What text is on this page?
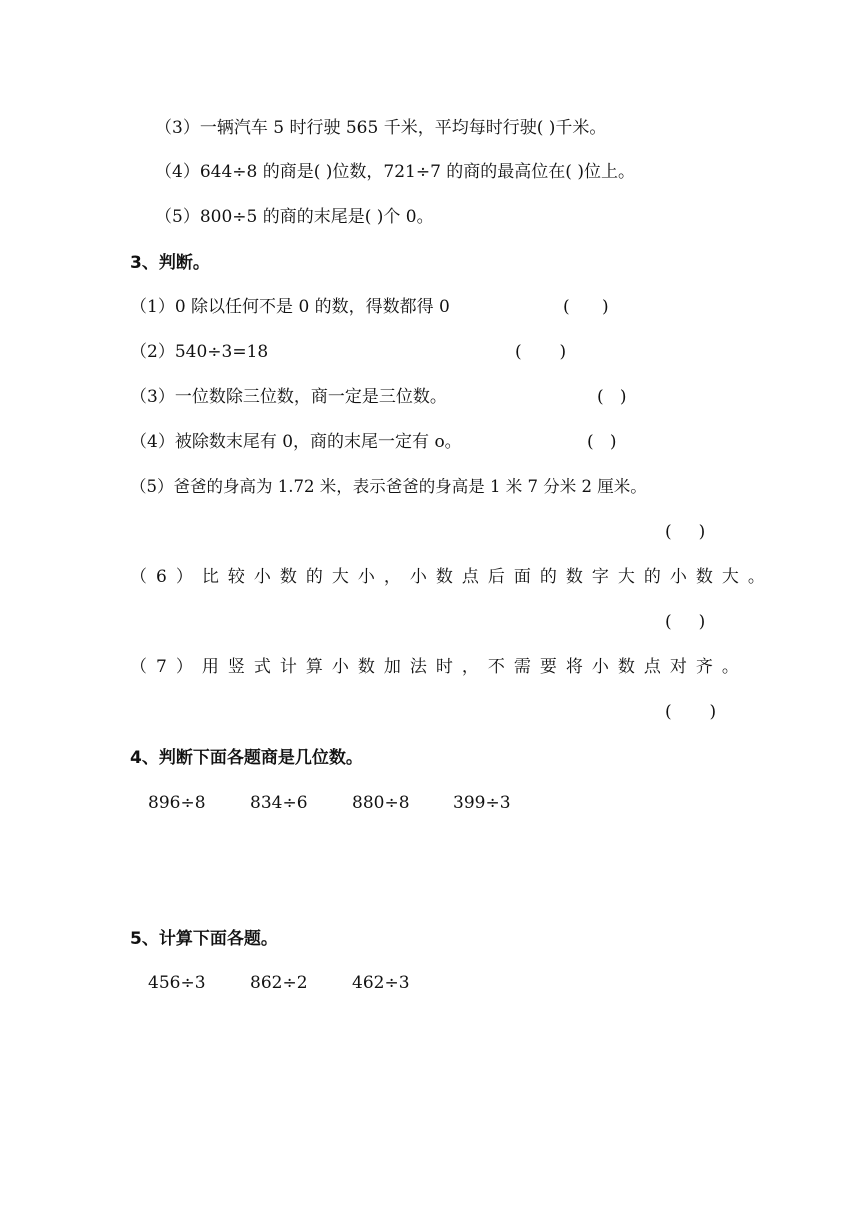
（3）一辆汽车 5 时行驶 565 千米，平均每时行驶( )千米。
（4）644÷8 的商是( )位数，721÷7 的商的最高位在( )位上。
（5）800÷5 的商的末尾是( )个 0。
3、判断。
（1）0 除以任何不是 0 的数，得数都得 0	(      )
（2）540÷3=18	(       )
（3）一位数除三位数，商一定是三位数。	(   )
（4）被除数末尾有 0，商的末尾一定有 o。	(   )
（5）爸爸的身高为 1.72 米，表示爸爸的身高是 1 米 7 分米 2 厘米。
(     )
（6）比较小数的大小，小数点后面的数字大的小数大。
(     )
（7）用竖式计算小数加法时，不需要将小数点对齐。
(       )
4、判断下面各题商是几位数。
896÷8	834÷6	880÷8	399÷3
5、计算下面各题。
456÷3	862÷2	462÷3
